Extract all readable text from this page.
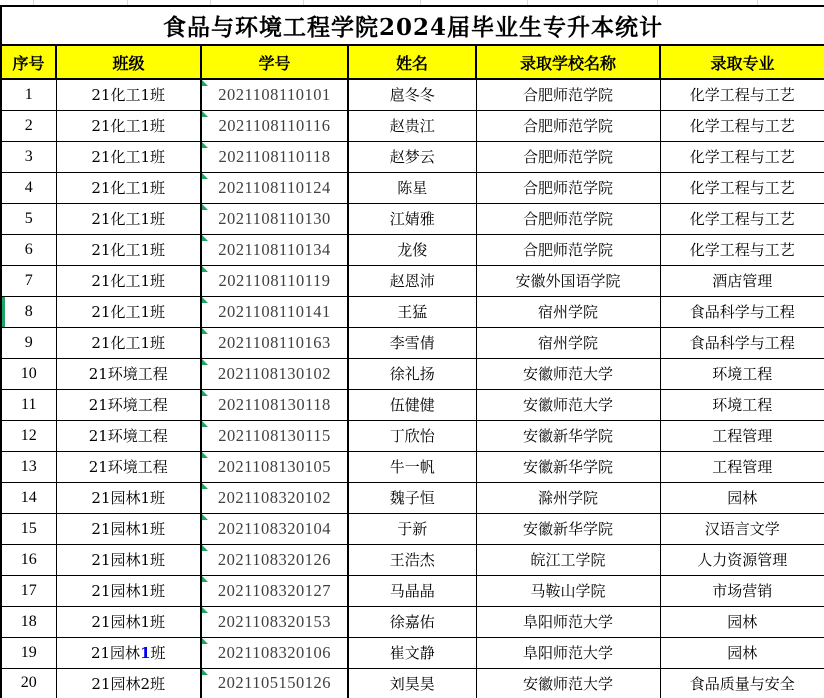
食品与环境工程学院2024届毕业生专升本统计					
序号	班级	学号	姓名	录取学校名称	录取专业
1	21化工1班	2021108110101	扈冬冬	合肥师范学院	化学工程与工艺
2	21化工1班	2021108110116	赵贵江	合肥师范学院	化学工程与工艺
3	21化工1班	2021108110118	赵梦云	合肥师范学院	化学工程与工艺
4	21化工1班	2021108110124	陈星	合肥师范学院	化学工程与工艺
5	21化工1班	2021108110130	江婧雅	合肥师范学院	化学工程与工艺
6	21化工1班	2021108110134	龙俊	合肥师范学院	化学工程与工艺
7	21化工1班	2021108110119	赵恩沛	安徽外国语学院	酒店管理
8	21化工1班	2021108110141	王猛	宿州学院	食品科学与工程
9	21化工1班	2021108110163	李雪倩	宿州学院	食品科学与工程
10	21环境工程	2021108130102	徐礼扬	安徽师范大学	环境工程
11	21环境工程	2021108130118	伍健健	安徽师范大学	环境工程
12	21环境工程	2021108130115	丁欣怡	安徽新华学院	工程管理
13	21环境工程	2021108130105	牛一帆	安徽新华学院	工程管理
14	21园林1班	2021108320102	魏子恒	滁州学院	园林
15	21园林1班	2021108320104	于新	安徽新华学院	汉语言文学
16	21园林1班	2021108320126	王浩杰	皖江工学院	人力资源管理
17	21园林1班	2021108320127	马晶晶	马鞍山学院	市场营销
18	21园林1班	2021108320153	徐嘉佑	阜阳师范大学	园林
19	21园林1班	2021108320106	崔文静	阜阳师范大学	园林
20	21园林2班	2021105150126	刘昊昊	安徽师范大学	食品质量与安全
